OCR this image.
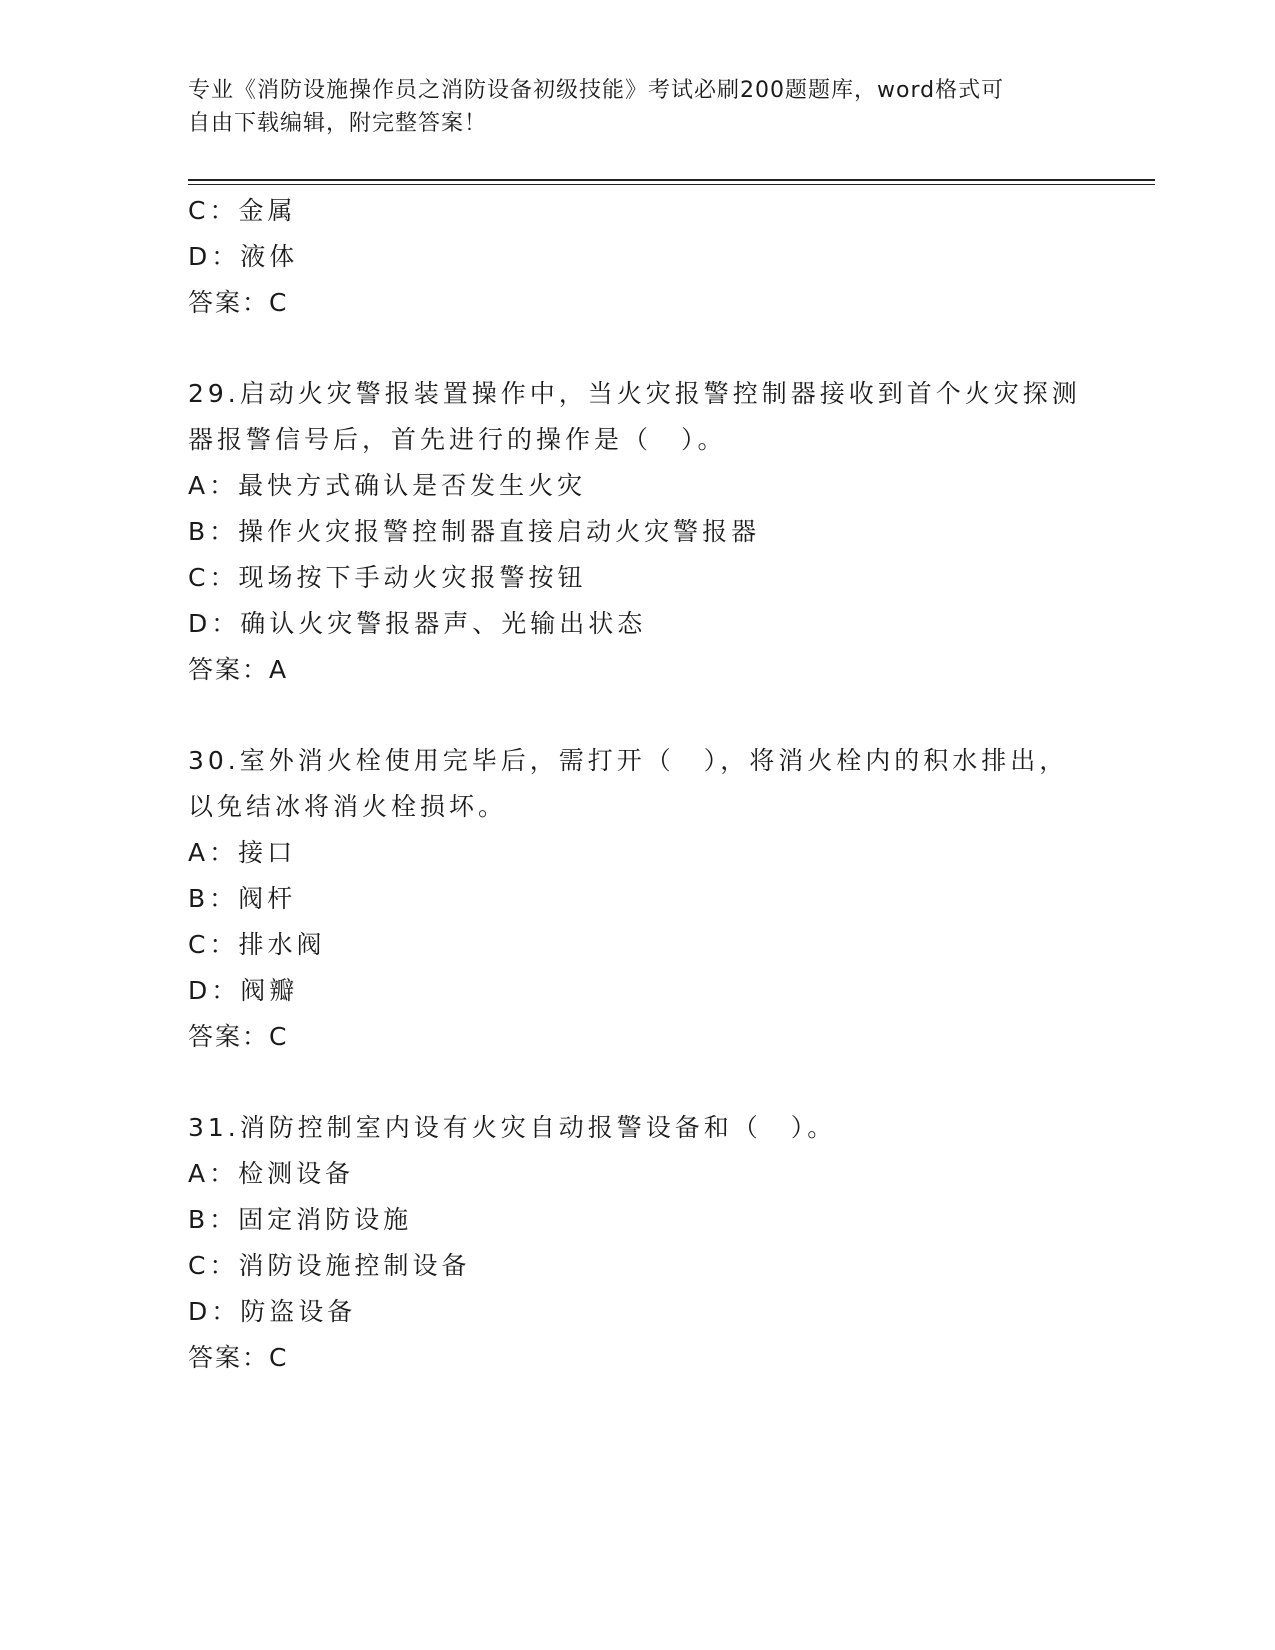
专业《消防设施操作员之消防设备初级技能》考试必刷200题题库，word格式可
自由下载编辑，附完整答案！
C：金属
D：液体
答案：C
29.启动火灾警报装置操作中，当火灾报警控制器接收到首个火灾探测
器报警信号后，首先进行的操作是（　）。
A：最快方式确认是否发生火灾
B：操作火灾报警控制器直接启动火灾警报器
C：现场按下手动火灾报警按钮
D：确认火灾警报器声、光输出状态
答案：A
30.室外消火栓使用完毕后，需打开（　），将消火栓内的积水排出，
以免结冰将消火栓损坏。
A：接口
B：阀杆
C：排水阀
D：阀瓣
答案：C
31.消防控制室内设有火灾自动报警设备和（　）。
A：检测设备
B：固定消防设施
C：消防设施控制设备
D：防盗设备
答案：C
